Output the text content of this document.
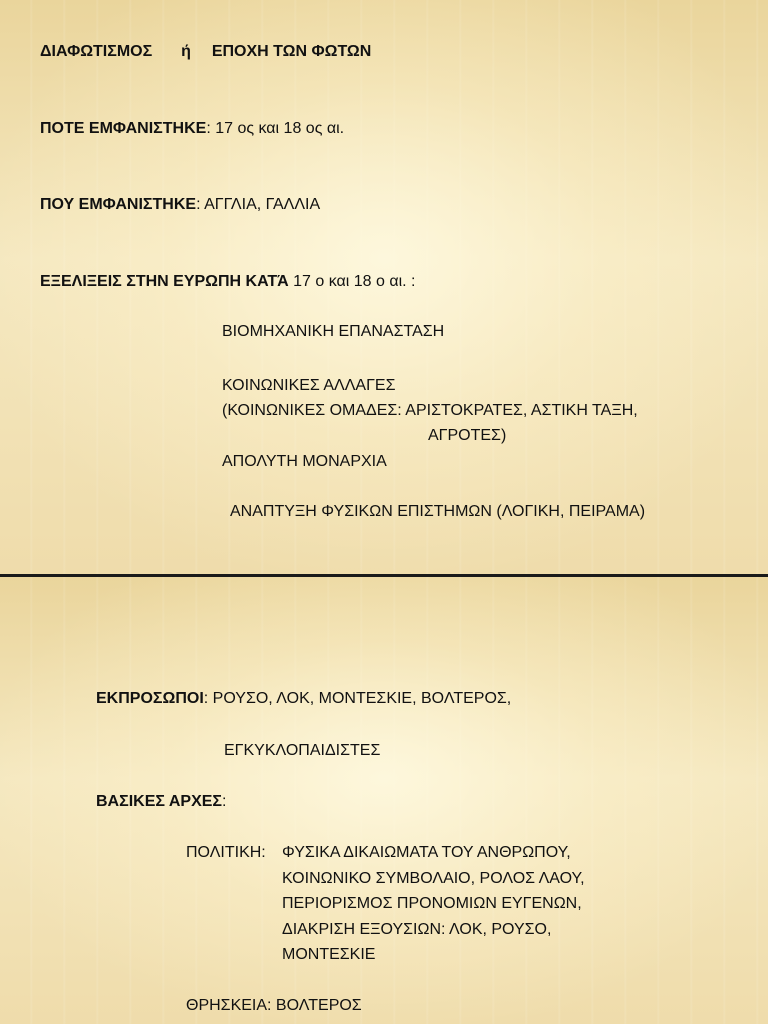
ΔΙΑΦΩΤΙΣΜΟΣ ή ΕΠΟΧΗ ΤΩΝ ΦΩΤΩΝ
ΠΟΤΕ ΕΜΦΑΝΙΣΤΗΚΕ: 17 ος και 18 ος αι.
ΠΟΥ ΕΜΦΑΝΙΣΤΗΚΕ: ΑΓΓΛΙΑ, ΓΑΛΛΙΑ
ΕΞΕΛΙΞΕΙΣ ΣΤΗΝ ΕΥΡΩΠΗ ΚΑΤΆ 17 ο και 18 ο αι. :
ΒΙΟΜΗΧΑΝΙΚΗ ΕΠΑΝΑΣΤΑΣΗ
ΚΟΙΝΩΝΙΚΕΣ ΑΛΛΑΓΕΣ
(ΚΟΙΝΩΝΙΚΕΣ ΟΜΑΔΕΣ: ΑΡΙΣΤΟΚΡΑΤΕΣ, ΑΣΤΙΚΗ ΤΑΞΗ,
ΑΓΡΟΤΕΣ)
ΑΠΟΛΥΤΗ ΜΟΝΑΡΧΙΑ
ΑΝΑΠΤΥΞΗ ΦΥΣΙΚΩΝ ΕΠΙΣΤΗΜΩΝ (ΛΟΓΙΚΗ, ΠΕΙΡΑΜΑ)
ΕΚΠΡΟΣΩΠΟΙ: ΡΟΥΣΟ, ΛΟΚ, ΜΟΝΤΕΣΚΙΕ, ΒΟΛΤΕΡΟΣ,
ΕΓΚΥΚΛΟΠΑΙΔΙΣΤΕΣ
ΒΑΣΙΚΕΣ ΑΡΧΕΣ:
ΠΟΛΙΤΙΚΗ: ΦΥΣΙΚΑ ΔΙΚΑΙΩΜΑΤΑ ΤΟΥ ΑΝΘΡΩΠΟΥ,
ΚΟΙΝΩΝΙΚΟ ΣΥΜΒΟΛΑΙΟ, ΡΟΛΟΣ ΛΑΟΥ,
ΠΕΡΙΟΡΙΣΜΟΣ ΠΡΟΝΟΜΙΩΝ ΕΥΓΕΝΩΝ,
ΔΙΑΚΡΙΣΗ ΕΞΟΥΣΙΩΝ: ΛΟΚ, ΡΟΥΣΟ,
ΜΟΝΤΕΣΚΙΕ
ΘΡΗΣΚΕΙΑ: ΒΟΛΤΕΡΟΣ
